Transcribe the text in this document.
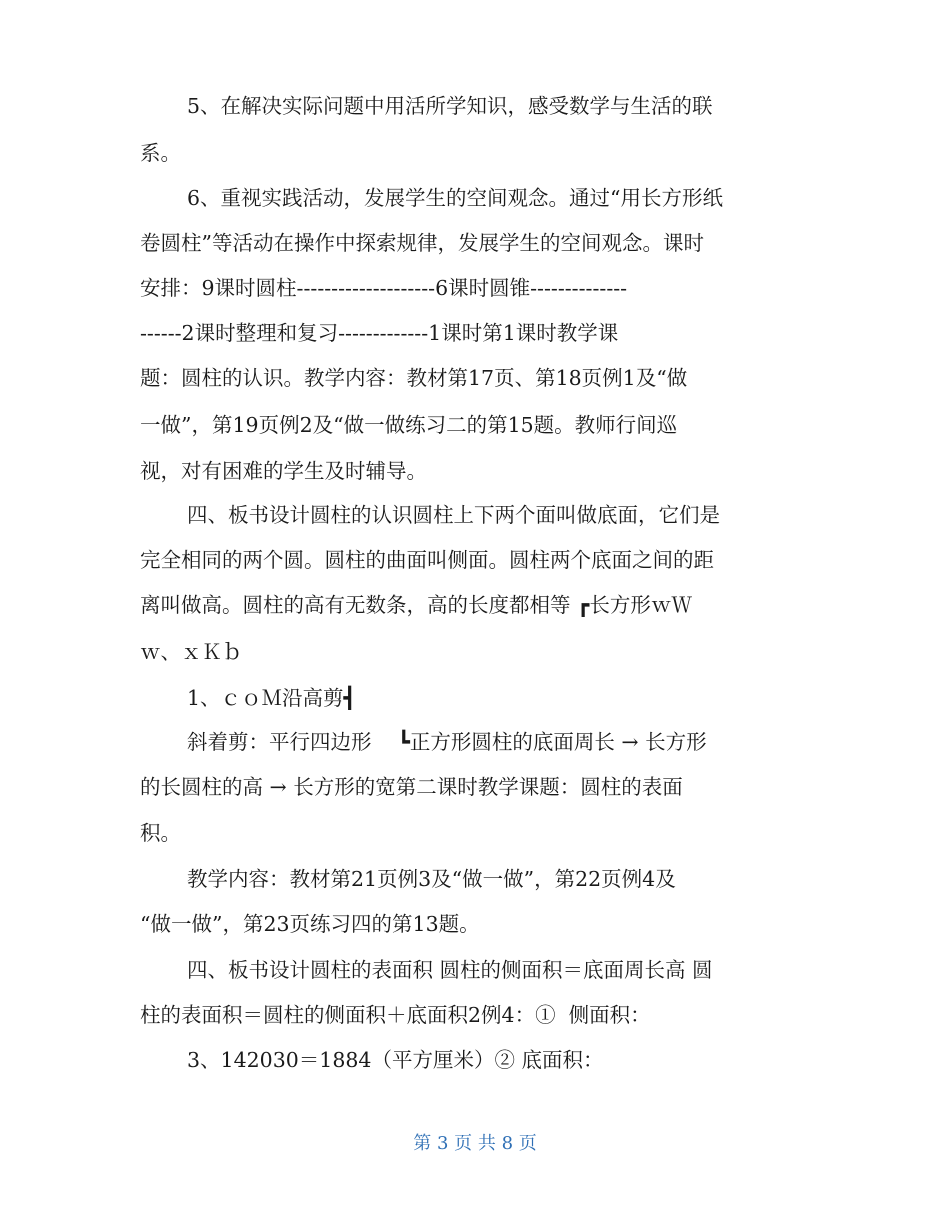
5、在解决实际问题中用活所学知识，感受数学与生活的联
系。
6、重视实践活动，发展学生的空间观念。通过“用长方形纸
卷圆柱”等活动在操作中探索规律，发展学生的空间观念。课时
安排：9课时圆柱--------------------6课时圆锥--------------
------2课时整理和复习-------------1课时第1课时教学课
题：圆柱的认识。教学内容：教材第17页、第18页例1及“做
一做”，第19页例2及“做一做练习二的第15题。教师行间巡
视，对有困难的学生及时辅导。
四、板书设计圆柱的认识圆柱上下两个面叫做底面，它们是
完全相同的两个圆。圆柱的曲面叫侧面。圆柱两个底面之间的距
离叫做高。圆柱的高有无数条，高的长度都相等 ┏长方形ｗＷ
ｗ、ｘＫｂ
1、ｃｏＭ沿高剪┫
斜着剪：平行四边形    ┗正方形圆柱的底面周长 → 长方形
的长圆柱的高 → 长方形的宽第二课时教学课题：圆柱的表面
积。
教学内容：教材第21页例3及“做一做”，第22页例4及
“做一做”，第23页练习四的第13题。
四、板书设计圆柱的表面积 圆柱的侧面积＝底面周长高 圆
柱的表面积＝圆柱的侧面积＋底面积2例4：①  侧面积：
3、142030＝1884（平方厘米）② 底面积：
第 3 页 共 8 页
